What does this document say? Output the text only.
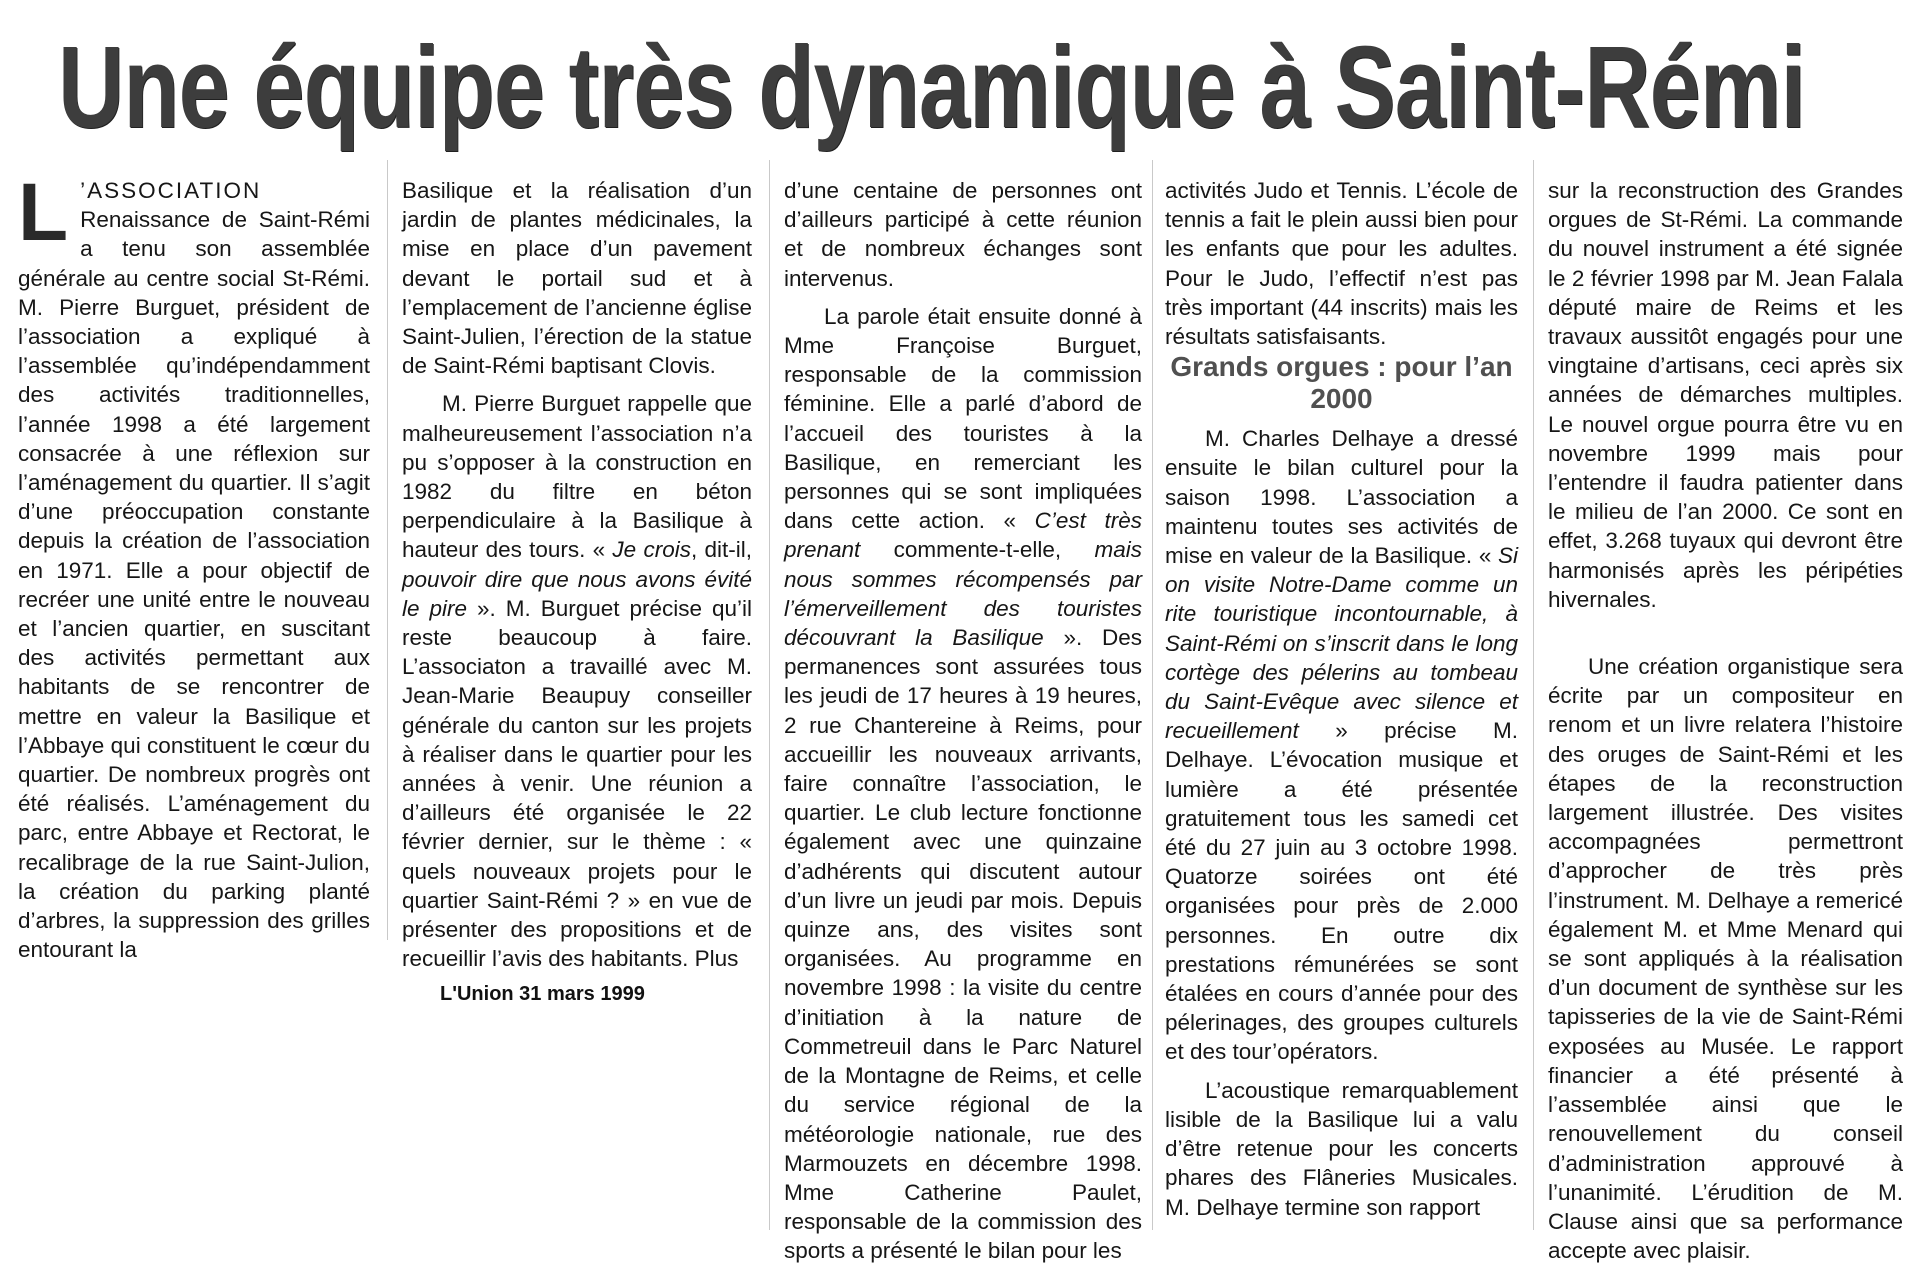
Une équipe très dynamique à Saint-Rémi

L ’ASSOCIATION Renaissance de Saint-Rémi a tenu son assemblée générale au centre social St-Rémi. M. Pierre Burguet, président de l’association a expliqué à l’assemblée qu’indépendamment des activités traditionnelles, l’année 1998 a été largement consacrée à une réflexion sur l’aménagement du quartier. Il s’agit d’une préoccupation constante depuis la création de l’association en 1971. Elle a pour objectif de recréer une unité entre le nouveau et l’ancien quartier, en suscitant des activités permettant aux habitants de se rencontrer de mettre en valeur la Basilique et l’Abbaye qui constituent le cœur du quartier. De nombreux progrès ont été réalisés. L’aménagement du parc, entre Abbaye et Rectorat, le recalibrage de la rue Saint-Julion, la création du parking planté d’arbres, la suppression des grilles entourant la

Basilique et la réalisation d’un jardin de plantes médicinales, la mise en place d’un pavement devant le portail sud et à l’emplacement de l’ancienne église Saint-Julien, l’érection de la statue de Saint-Rémi baptisant Clovis.

M. Pierre Burguet rappelle que malheureusement l’association n’a pu s’opposer à la construction en 1982 du filtre en béton perpendiculaire à la Basilique à hauteur des tours. « Je crois, dit-il, pouvoir dire que nous avons évité le pire ». M. Burguet précise qu’il reste beaucoup à faire. L’associaton a travaillé avec M. Jean-Marie Beaupuy conseiller générale du canton sur les projets à réaliser dans le quartier pour les années à venir. Une réunion a d’ailleurs été organisée le 22 février dernier, sur le thème : « quels nouveaux projets pour le quartier Saint-Rémi ? » en vue de présenter des propositions et de recueillir l’avis des habitants. Plus

d’une centaine de personnes ont d’ailleurs participé à cette réunion et de nombreux échanges sont intervenus.

La parole était ensuite donné à Mme Françoise Burguet, responsable de la commission féminine. Elle a parlé d’abord de l’accueil des touristes à la Basilique, en remerciant les personnes qui se sont impliquées dans cette action. « C’est très prenant commente-t-elle, mais nous sommes récompensés par l’émerveillement des touristes découvrant la Basilique ». Des permanences sont assurées tous les jeudi de 17 heures à 19 heures, 2 rue Chantereine à Reims, pour accueillir les nouveaux arrivants, faire connaître l’association, le quartier. Le club lecture fonctionne également avec une quinzaine d’adhérents qui discutent autour d’un livre un jeudi par mois. Depuis quinze ans, des visites sont organisées. Au programme en novembre 1998 : la visite du centre d’initiation à la nature de Commetreuil dans le Parc Naturel de la Montagne de Reims, et celle du service régional de la météorologie nationale, rue des Marmouzets en décembre 1998. Mme Catherine Paulet, responsable de la commission des sports a présenté le bilan pour les

activités Judo et Tennis. L’école de tennis a fait le plein aussi bien pour les enfants que pour les adultes. Pour le Judo, l’effectif n’est pas très important (44 inscrits) mais les résultats satisfaisants.

Grands orgues : pour l’an 2000

M. Charles Delhaye a dressé ensuite le bilan culturel pour la saison 1998. L’association a maintenu toutes ses activités de mise en valeur de la Basilique. « Si on visite Notre-Dame comme un rite touristique incontournable, à Saint-Rémi on s’inscrit dans le long cortège des pélerins au tombeau du Saint-Evêque avec silence et recueillement » précise M. Delhaye. L’évocation musique et lumière a été présentée gratuitement tous les samedi cet été du 27 juin au 3 octobre 1998. Quatorze soirées ont été organisées pour près de 2.000 personnes. En outre dix prestations rémunérées se sont étalées en cours d’année pour des pélerinages, des groupes culturels et des tour’opérators.

L’acoustique remarquablement lisible de la Basilique lui a valu d’être retenue pour les concerts phares des Flâneries Musicales. M. Delhaye termine son rapport

sur la reconstruction des Grandes orgues de St-Rémi. La commande du nouvel instrument a été signée le 2 février 1998 par M. Jean Falala député maire de Reims et les travaux aussitôt engagés pour une vingtaine d’artisans, ceci après six années de démarches multiples. Le nouvel orgue pourra être vu en novembre 1999 mais pour l’entendre il faudra patienter dans le milieu de l’an 2000. Ce sont en effet, 3.268 tuyaux qui devront être harmonisés après les péripéties hivernales.

Une création organistique sera écrite par un compositeur en renom et un livre relatera l’histoire des oruges de Saint-Rémi et les étapes de la reconstruction largement illustrée. Des visites accompagnées permettront d’approcher de très près l’instrument. M. Delhaye a remericé également M. et Mme Menard qui se sont appliqués à la réalisation d’un document de synthèse sur les tapisseries de la vie de Saint-Rémi exposées au Musée. Le rapport financier a été présenté à l’assemblée ainsi que le renouvellement du conseil d’administration approuvé à l’unanimité. L’érudition de M. Clause ainsi que sa performance accepte avec plaisir.

L'Union 31 mars 1999
